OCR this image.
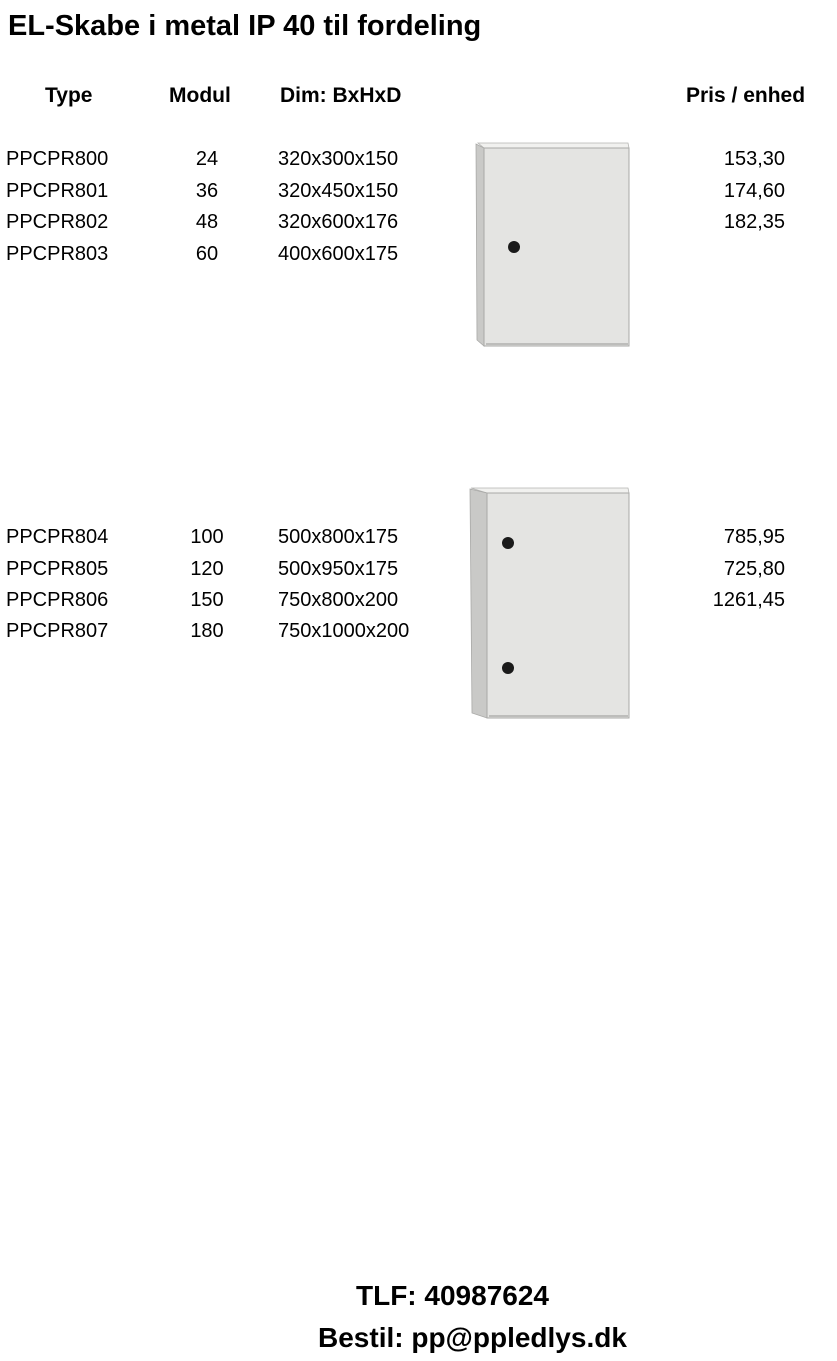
EL-Skabe i metal IP 40 til fordeling
Type	Modul Dim: BxHxD	Pris / enhed
PPCPR800	24	320x300x150	153,30
PPCPR801	36	320x450x150	174,60
PPCPR802	48	320x600x176	182,35
PPCPR803	60	400x600x175
PPCPR804	100	500x800x175	785,95
PPCPR805	120	500x950x175	725,80
PPCPR806	150	750x800x200	1261,45
PPCPR807	180	750x1000x200
TLF: 40987624
Bestil: pp@ppledlys.dk
